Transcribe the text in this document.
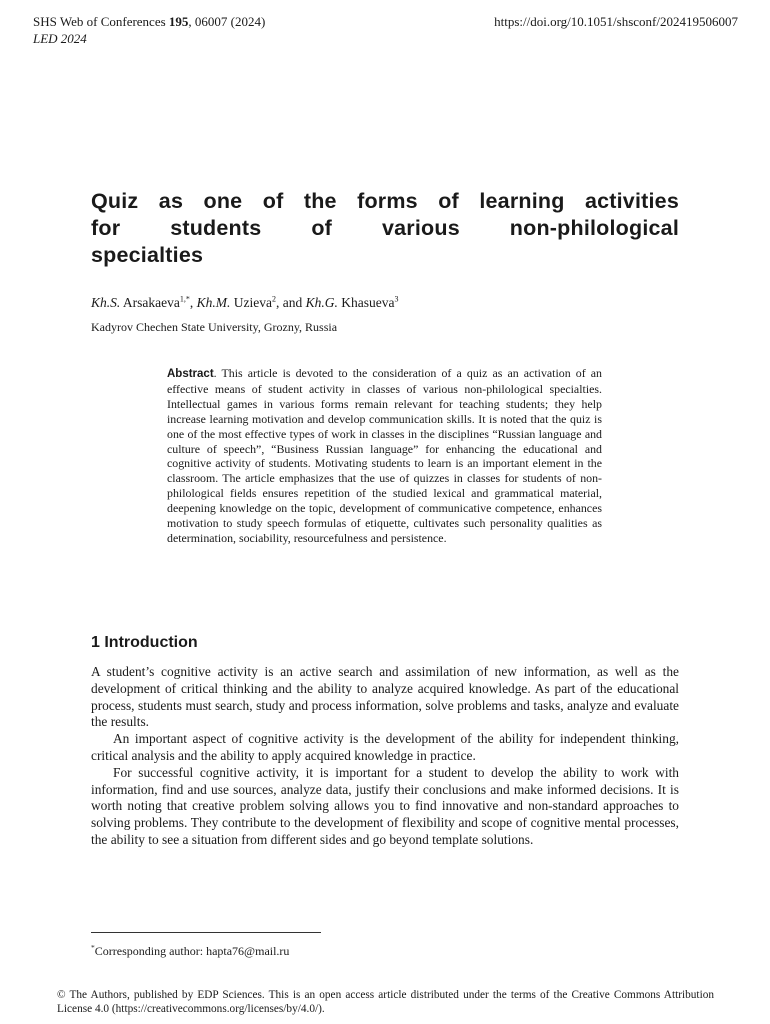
SHS Web of Conferences 195, 06007 (2024)
LED 2024
https://doi.org/10.1051/shsconf/202419506007
Quiz as one of the forms of learning activities
for students of various non-philological
specialties
Kh.S. Arsakaeva$^{1,*}$, Kh.M. Uzieva$^2$, and Kh.G. Khasueva$^3$
Kadyrov Chechen State University, Grozny, Russia

Abstract. This article is devoted to the consideration of a quiz as an activation of an effective means of student activity in classes of various non-philological specialties. Intellectual games in various forms remain relevant for teaching students; they help increase learning motivation and develop communication skills. It is noted that the quiz is one of the most effective types of work in classes in the disciplines “Russian language and culture of speech”, “Business Russian language” for enhancing the educational and cognitive activity of students. Motivating students to learn is an important element in the classroom. The article emphasizes that the use of quizzes in classes for students of non-philological fields ensures repetition of the studied lexical and grammatical material, deepening knowledge on the topic, development of communicative competence, enhances motivation to study speech formulas of etiquette, cultivates such personality qualities as determination, sociability, resourcefulness and persistence.

1 Introduction

A student’s cognitive activity is an active search and assimilation of new information, as well as the development of critical thinking and the ability to analyze acquired knowledge. As part of the educational process, students must search, study and process information, solve problems and tasks, analyze and evaluate the results.

An important aspect of cognitive activity is the development of the ability for independent thinking, critical analysis and the ability to apply acquired knowledge in practice.

For successful cognitive activity, it is important for a student to develop the ability to work with information, find and use sources, analyze data, justify their conclusions and make informed decisions. It is worth noting that creative problem solving allows you to find innovative and non-standard approaches to solving problems. They contribute to the development of flexibility and scope of cognitive mental processes, the ability to see a situation from different sides and go beyond template solutions.

*Corresponding author: hapta76@mail.ru
© The Authors, published by EDP Sciences. This is an open access article distributed under the terms of the Creative Commons Attribution License 4.0 (https://creativecommons.org/licenses/by/4.0/).
